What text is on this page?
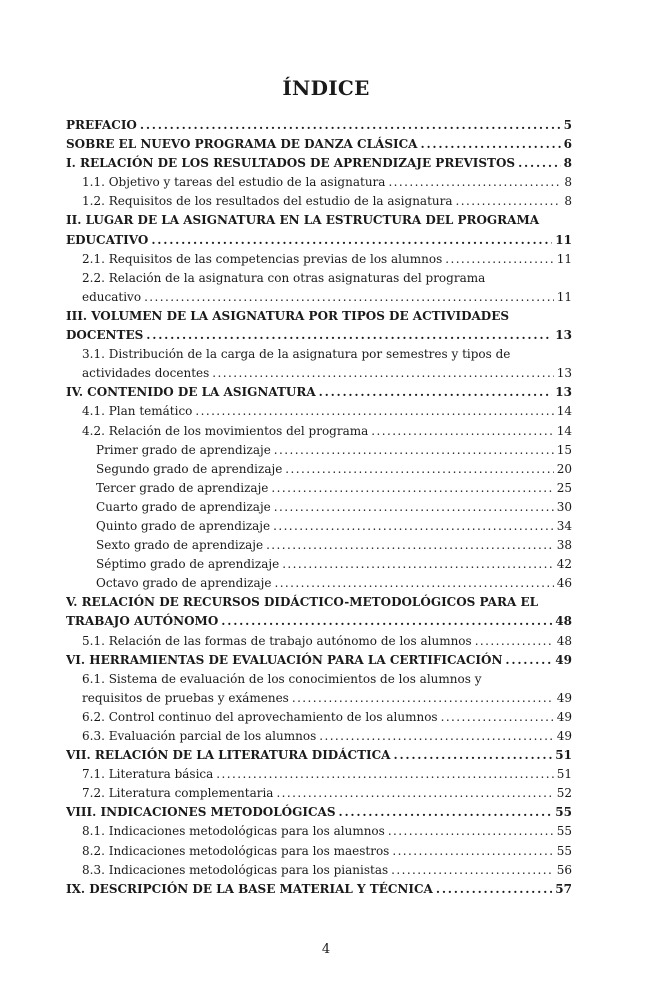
ÍNDICE
PREFACIO . . .	5
SOBRE EL NUEVO PROGRAMA DE DANZA CLÁSICA . . .	6
I. RELACIÓN DE LOS RESULTADOS DE APRENDIZAJE PREVISTOS . . .	8
1.1. Objetivo y tareas del estudio de la asignatura . . .	8
1.2. Requisitos de los resultados del estudio de la asignatura . . .	8
II. LUGAR DE LA ASIGNATURA EN LA ESTRUCTURA DEL PROGRAMA
EDUCATIVO . . .	11
2.1. Requisitos de las competencias previas de los alumnos . . .	11
2.2. Relación de la asignatura con otras asignaturas del programa
educativo . . .	11
III. VOLUMEN DE LA ASIGNATURA POR TIPOS DE ACTIVIDADES
DOCENTES . . .	13
3.1. Distribución de la carga de la asignatura por semestres y tipos de
actividades docentes . . .	13
IV. CONTENIDO DE LA ASIGNATURA . . .	13
4.1. Plan temático . . .	14
4.2. Relación de los movimientos del programa . . .	14
Primer grado de aprendizaje . . .	15
Segundo grado de aprendizaje . . .	20
Tercer grado de aprendizaje . . .	25
Cuarto grado de aprendizaje . . .	30
Quinto grado de aprendizaje . . .	34
Sexto grado de aprendizaje . . .	38
Séptimo grado de aprendizaje . . .	42
Octavo grado de aprendizaje . . .	46
V. RELACIÓN DE RECURSOS DIDÁCTICO-METODOLÓGICOS PARA EL
TRABAJO AUTÓNOMO . . .	48
5.1. Relación de las formas de trabajo autónomo de los alumnos . . .	48
VI. HERRAMIENTAS DE EVALUACIÓN PARA LA CERTIFICACIÓN . . .	49
6.1. Sistema de evaluación de los conocimientos de los alumnos y
requisitos de pruebas y exámenes . . .	49
6.2. Control continuo del aprovechamiento de los alumnos . . .	49
6.3. Evaluación parcial de los alumnos . . .	49
VII. RELACIÓN DE LA LITERATURA DIDÁCTICA . . .	51
7.1. Literatura básica . . .	51
7.2. Literatura complementaria . . .	52
VIII. INDICACIONES METODOLÓGICAS . . .	55
8.1. Indicaciones metodológicas para los alumnos . . .	55
8.2. Indicaciones metodológicas para los maestros . . .	55
8.3. Indicaciones metodológicas para los pianistas . . .	56
IX. DESCRIPCIÓN DE LA BASE MATERIAL Y TÉCNICA . . .	57
4
